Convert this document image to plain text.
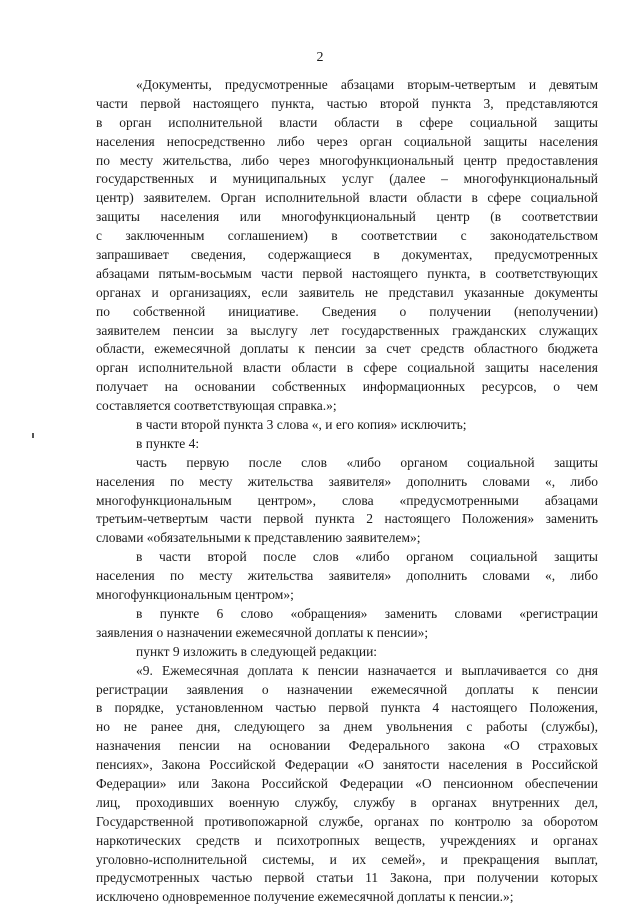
2
«Документы, предусмотренные абзацами вторым-четвертым и девятым
части первой настоящего пункта, частью второй пункта 3, представляются
в орган исполнительной власти области в сфере социальной защиты
населения непосредственно либо через орган социальной защиты населения
по месту жительства, либо через многофункциональный центр предоставления
государственных и муниципальных услуг (далее – многофункциональный
центр) заявителем. Орган исполнительной власти области в сфере социальной
защиты населения или многофункциональный центр (в соответствии
с заключенным соглашением) в соответствии с законодательством
запрашивает сведения, содержащиеся в документах, предусмотренных
абзацами пятым-восьмым части первой настоящего пункта, в соответствующих
органах и организациях, если заявитель не представил указанные документы
по собственной инициативе. Сведения о получении (неполучении)
заявителем пенсии за выслугу лет государственных гражданских служащих
области, ежемесячной доплаты к пенсии за счет средств областного бюджета
орган исполнительной власти области в сфере социальной защиты населения
получает на основании собственных информационных ресурсов, о чем
составляется соответствующая справка.»;
в части второй пункта 3 слова «, и его копия» исключить;
в пункте 4:
часть первую после слов «либо органом социальной защиты
населения по месту жительства заявителя» дополнить словами «, либо
многофункциональным центром», слова «предусмотренными абзацами
третьим-четвертым части первой пункта 2 настоящего Положения» заменить
словами «обязательными к представлению заявителем»;
в части второй после слов «либо органом социальной защиты
населения по месту жительства заявителя» дополнить словами «, либо
многофункциональным центром»;
в пункте 6 слово «обращения» заменить словами «регистрации
заявления о назначении ежемесячной доплаты к пенсии»;
пункт 9 изложить в следующей редакции:
«9. Ежемесячная доплата к пенсии назначается и выплачивается со дня
регистрации заявления о назначении ежемесячной доплаты к пенсии
в порядке, установленном частью первой пункта 4 настоящего Положения,
но не ранее дня, следующего за днем увольнения с работы (службы),
назначения пенсии на основании Федерального закона «О страховых
пенсиях», Закона Российской Федерации «О занятости населения в Российской
Федерации» или Закона Российской Федерации «О пенсионном обеспечении
лиц, проходивших военную службу, службу в органах внутренних дел,
Государственной противопожарной службе, органах по контролю за оборотом
наркотических средств и психотропных веществ, учреждениях и органах
уголовно-исполнительной системы, и их семей», и прекращения выплат,
предусмотренных частью первой статьи 11 Закона, при получении которых
исключено одновременное получение ежемесячной доплаты к пенсии.»;
